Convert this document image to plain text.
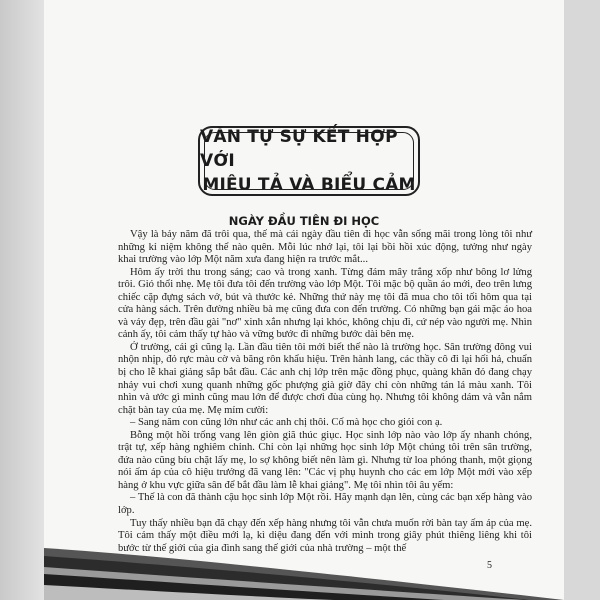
VĂN TỰ SỰ KẾT HỢP VỚI
MIÊU TẢ VÀ BIỂU CẢM
NGÀY ĐẦU TIÊN ĐI HỌC

Vậy là bảy năm đã trôi qua, thế mà cái ngày đầu tiên đi học vẫn sống mãi trong lòng tôi như những kỉ niệm không thể nào quên. Mỗi lúc nhớ lại, tôi lại bồi hồi xúc động, tưởng như ngày khai trường vào lớp Một năm xưa đang hiện ra trước mắt...

Hôm ấy trời thu trong sáng; cao và trong xanh. Từng đám mây trắng xốp như bông lơ lửng trôi. Gió thổi nhẹ. Mẹ tôi đưa tôi đến trường vào lớp Một. Tôi mặc bộ quần áo mới, đeo trên lưng chiếc cặp đựng sách vở, bút và thước kẻ. Những thứ này mẹ tôi đã mua cho tôi tối hôm qua tại cửa hàng sách. Trên đường nhiều bà mẹ cũng đưa con đến trường. Có những bạn gái mặc áo hoa và váy đẹp, trên đầu gài "nơ" xinh xắn nhưng lại khóc, không chịu đi, cứ nép vào người mẹ. Nhìn cảnh ấy, tôi cảm thấy tự hào và vững bước đi những bước dài bên mẹ.

Ở trường, cái gì cũng lạ. Lần đầu tiên tôi mới biết thế nào là trường học. Sân trường đông vui nhộn nhịp, đỏ rực màu cờ và băng rôn khẩu hiệu. Trên hành lang, các thầy cô đi lại hối hả, chuẩn bị cho lễ khai giảng sắp bắt đầu. Các anh chị lớp trên mặc đồng phục, quàng khăn đỏ đang chạy nhảy vui chơi xung quanh những gốc phượng già giờ đây chỉ còn những tán lá màu xanh. Tôi nhìn và ước gì mình cũng mau lớn để được chơi đùa cùng họ. Nhưng tôi không dám và vẫn nắm chặt bàn tay của mẹ. Mẹ mỉm cười:

– Sang năm con cũng lớn như các anh chị thôi. Cố mà học cho giỏi con ạ.

Bỗng một hồi trống vang lên giòn giã thúc giục. Học sinh lớp nào vào lớp ấy nhanh chóng, trật tự, xếp hàng nghiêm chỉnh. Chỉ còn lại những học sinh lớp Một chúng tôi trên sân trường, đứa nào cũng bíu chặt lấy mẹ, lo sợ không biết nên làm gì. Nhưng từ loa phóng thanh, một giọng nói ấm áp của cô hiệu trưởng đã vang lên: "Các vị phụ huynh cho các em lớp Một mới vào xếp hàng ở khu vực giữa sân để bắt đầu làm lễ khai giảng". Mẹ tôi nhìn tôi âu yếm:

– Thế là con đã thành cậu học sinh lớp Một rồi. Hãy mạnh dạn lên, cùng các bạn xếp hàng vào lớp.

Tuy thấy nhiều bạn đã chạy đến xếp hàng nhưng tôi vẫn chưa muốn rời bàn tay ấm áp của mẹ. Tôi cảm thấy một điều mới lạ, kì diệu đang đến với mình trong giây phút thiêng liêng khi tôi bước từ thế giới của gia đình sang thế giới của nhà trường – một thế

5
